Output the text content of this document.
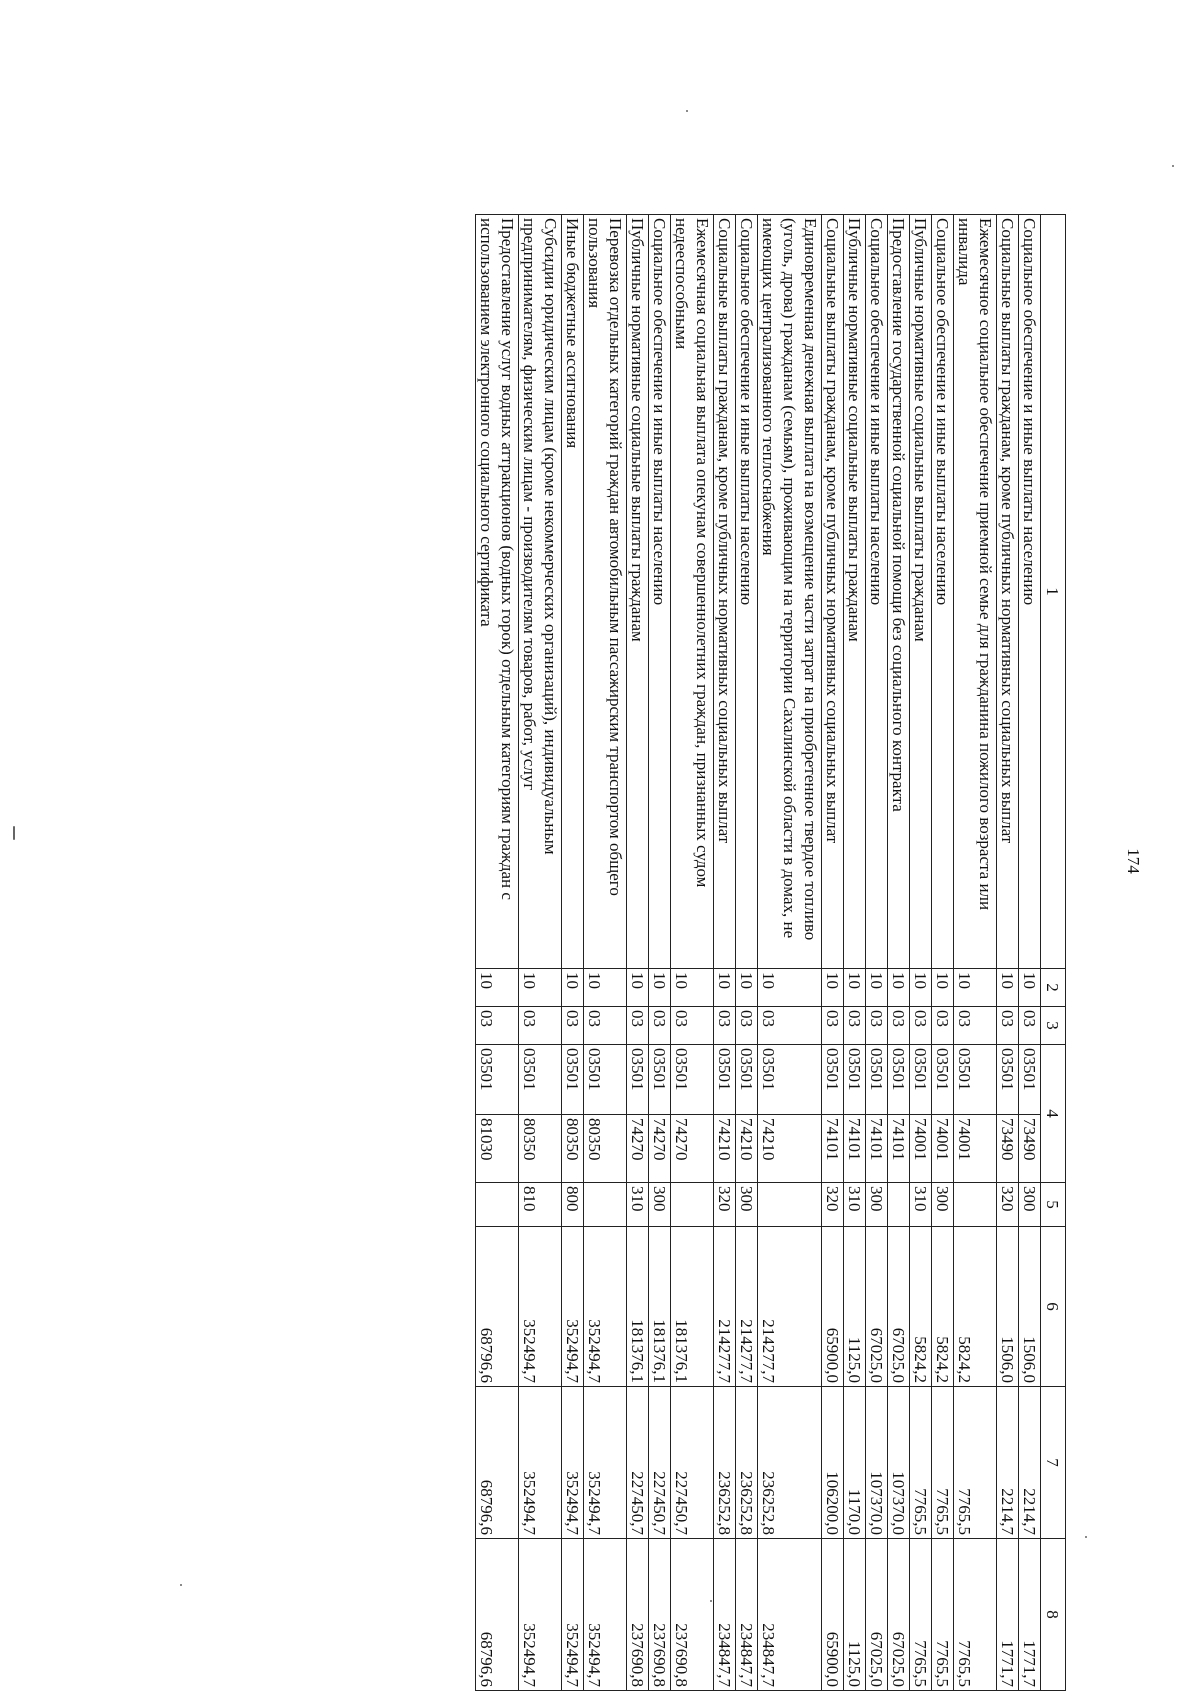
174
1	2	3	4		5	6	7	8
Социальное обеспечение и иные выплаты населению	10	03	03501	73490	300	1506,0	2214,7	1771,7
Социальные выплаты гражданам, кроме публичных нормативных социальных выплат	10	03	03501	73490	320	1506,0	2214,7	1771,7
Ежемесячное социальное обеспечение приемной семье для гражданина пожилого возраста или инвалида	10	03	03501	74001		5824,2	7765,5	7765,5
Социальное обеспечение и иные выплаты населению	10	03	03501	74001	300	5824,2	7765,5	7765,5
Публичные нормативные социальные выплаты гражданам	10	03	03501	74001	310	5824,2	7765,5	7765,5
Предоставление государственной социальной помощи без социального контракта	10	03	03501	74101		67025,0	107370,0	67025,0
Социальное обеспечение и иные выплаты населению	10	03	03501	74101	300	67025,0	107370,0	67025,0
Публичные нормативные социальные выплаты гражданам	10	03	03501	74101	310	1125,0	1170,0	1125,0
Социальные выплаты гражданам, кроме публичных нормативных социальных выплат	10	03	03501	74101	320	65900,0	106200,0	65900,0
Единовременная денежная выплата на возмещение части затрат на приобретенное твердое топливо (уголь, дрова) гражданам (семьям), проживающим на территории Сахалинской области в домах, не имеющих централизованного теплоснабжения	10	03	03501	74210		214277,7	236252,8	234847,7
Социальное обеспечение и иные выплаты населению	10	03	03501	74210	300	214277,7	236252,8	234847,7
Социальные выплаты гражданам, кроме публичных нормативных социальных выплат	10	03	03501	74210	320	214277,7	236252,8	234847,7
Ежемесячная социальная выплата опекунам совершеннолетних граждан, признанных судом недееспособными	10	03	03501	74270		181376,1	227450,7	237690,8
Социальное обеспечение и иные выплаты населению	10	03	03501	74270	300	181376,1	227450,7	237690,8
Публичные нормативные социальные выплаты гражданам	10	03	03501	74270	310	181376,1	227450,7	237690,8
Перевозка отдельных категорий граждан автомобильным пассажирским транспортом общего пользования	10	03	03501	80350		352494,7	352494,7	352494,7
Иные бюджетные ассигнования	10	03	03501	80350	800	352494,7	352494,7	352494,7
Субсидии юридическим лицам (кроме некоммерческих организаций), индивидуальным предпринимателям, физическим лицам - производителям товаров, работ, услуг	10	03	03501	80350	810	352494,7	352494,7	352494,7
Предоставление услуг водных аттракционов (водных горок) отдельным категориям граждан с использованием электронного социального сертификата	10	03	03501	81030		68796,6	68796,6	68796,6
